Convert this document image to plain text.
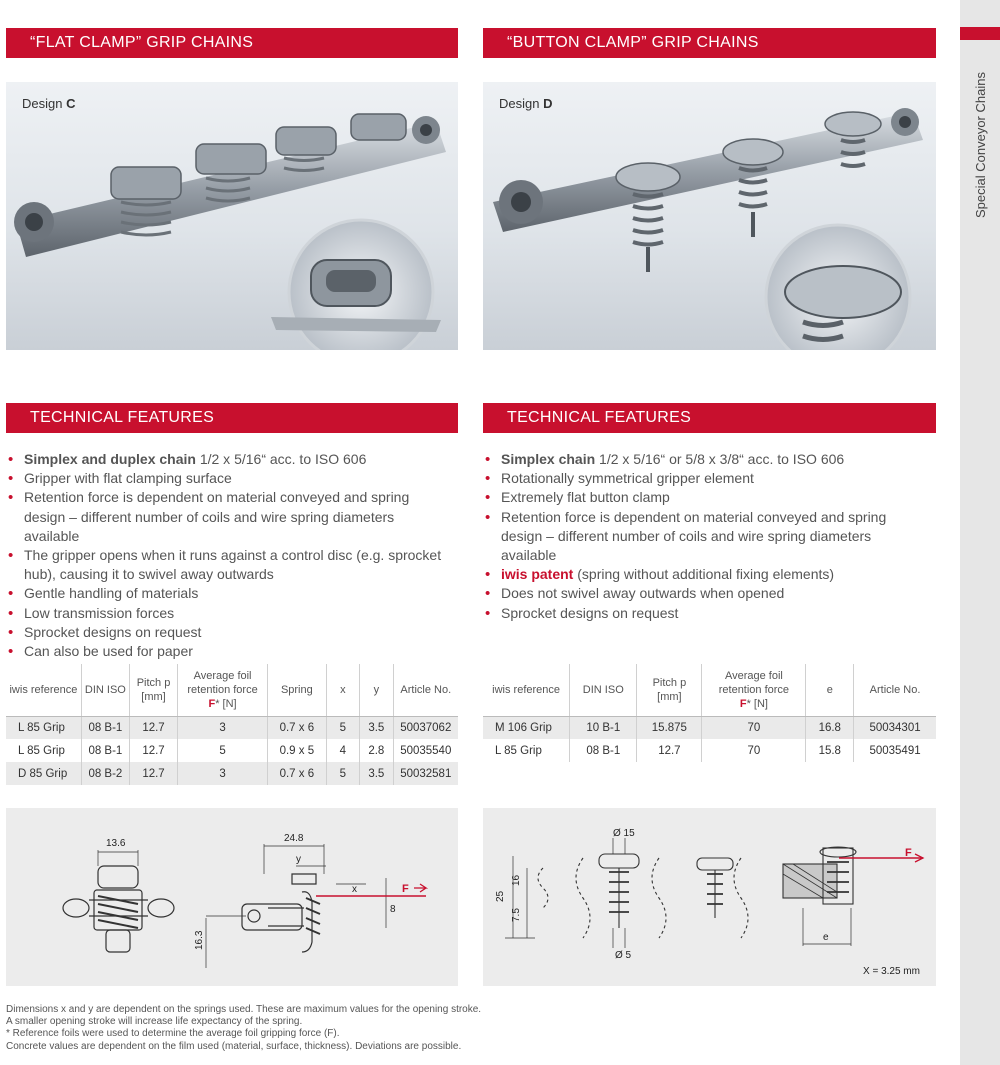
Special Conveyor Chains
“FLAT CLAMP” GRIP CHAINS	“BUTTON CLAMP” GRIP CHAINS
Design C	Design D
TECHNICAL FEATURES	TECHNICAL FEATURES
• Simplex and duplex chain 1/2 x 5/16“ acc. to ISO 606
• Gripper with flat clamping surface
• Retention force is dependent on material conveyed and spring design – different number of coils and wire spring diameters available
• The gripper opens when it runs against a control disc (e.g. sprocket hub), causing it to swivel away outwards
• Gentle handling of materials
• Low transmission forces
• Sprocket designs on request
• Can also be used for paper
• Simplex chain 1/2 x 5/16“ or 5/8 x 3/8“ acc. to ISO 606
• Rotationally symmetrical gripper element
• Extremely flat button clamp
• Retention force is dependent on material conveyed and spring design – different number of coils and wire spring diameters available
• iwis patent (spring without additional fixing elements)
• Does not swivel away outwards when opened
• Sprocket designs on request
iwis reference	DIN ISO	Pitch p [mm]	Average foil retention force
F* [N]	Spring	x	y	Article No.
L 85 Grip	08 B-1	12.7	3	0.7 x 6	5	3.5	50037062
L 85 Grip	08 B-1	12.7	5	0.9 x 5	4	2.8	50035540
D 85 Grip	08 B-2	12.7	3	0.7 x 6	5	3.5	50032581
iwis reference	DIN ISO	Pitch p [mm]	Average foil retention force
F* [N]	e	Article No.
M 106 Grip	10 B-1	15.875	70	16.8	50034301
L 85 Grip	08 B-1	12.7	70	15.8	50035491
13.6	24.8
y
x
8
16.3
F
Ø 15
25
16
7.5
Ø 5
e
F
X = 3.25 mm
Dimensions x and y are dependent on the springs used. These are maximum values for the opening stroke.
A smaller opening stroke will increase life expectancy of the spring.
* Reference foils were used to determine the average foil gripping force (F).
Concrete values are dependent on the film used (material, surface, thickness). Deviations are possible.
